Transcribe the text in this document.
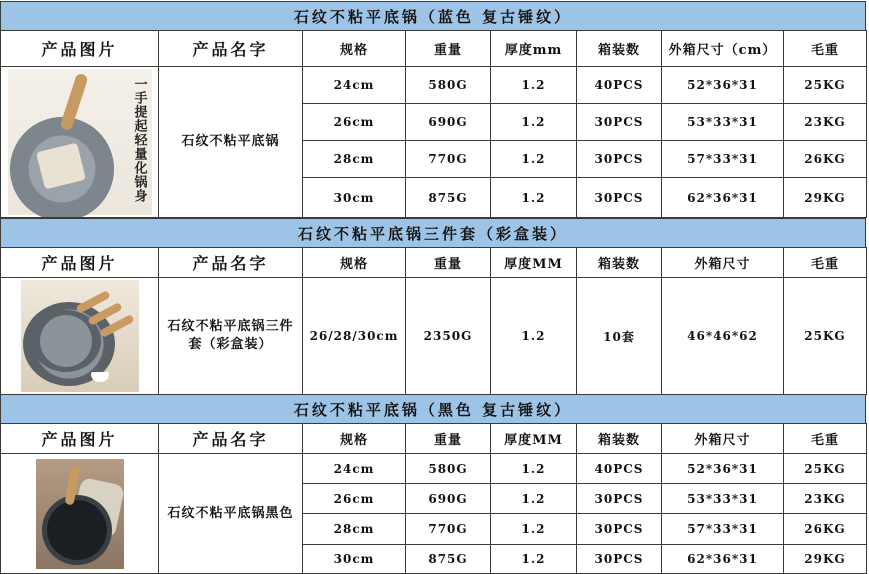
石纹不粘平底锅（蓝色 复古锤纹）
产品图片	产品名字	规格	重量	厚度mm	箱装数	外箱尺寸（cm）	毛重

一手提起轻量化锅身	石纹不粘平底锅	24cm	580G	1.2	40PCS	52*36*31	25KG
		26cm	690G	1.2	30PCS	53*33*31	23KG
		28cm	770G	1.2	30PCS	57*33*31	26KG
		30cm	875G	1.2	30PCS	62*36*31	29KG
石纹不粘平底锅三件套（彩盒装）
产品图片	产品名字	规格	重量	厚度MM	箱装数	外箱尺寸	毛重

	石纹不粘平底锅三件套（彩盒装）	26/28/30cm	2350G	1.2	10套	46*46*62	25KG
石纹不粘平底锅（黑色 复古锤纹）
产品图片	产品名字	规格	重量	厚度MM	箱装数	外箱尺寸	毛重

	石纹不粘平底锅黑色	24cm	580G	1.2	40PCS	52*36*31	25KG
		26cm	690G	1.2	30PCS	53*33*31	23KG
		28cm	770G	1.2	30PCS	57*33*31	26KG
		30cm	875G	1.2	30PCS	62*36*31	29KG
